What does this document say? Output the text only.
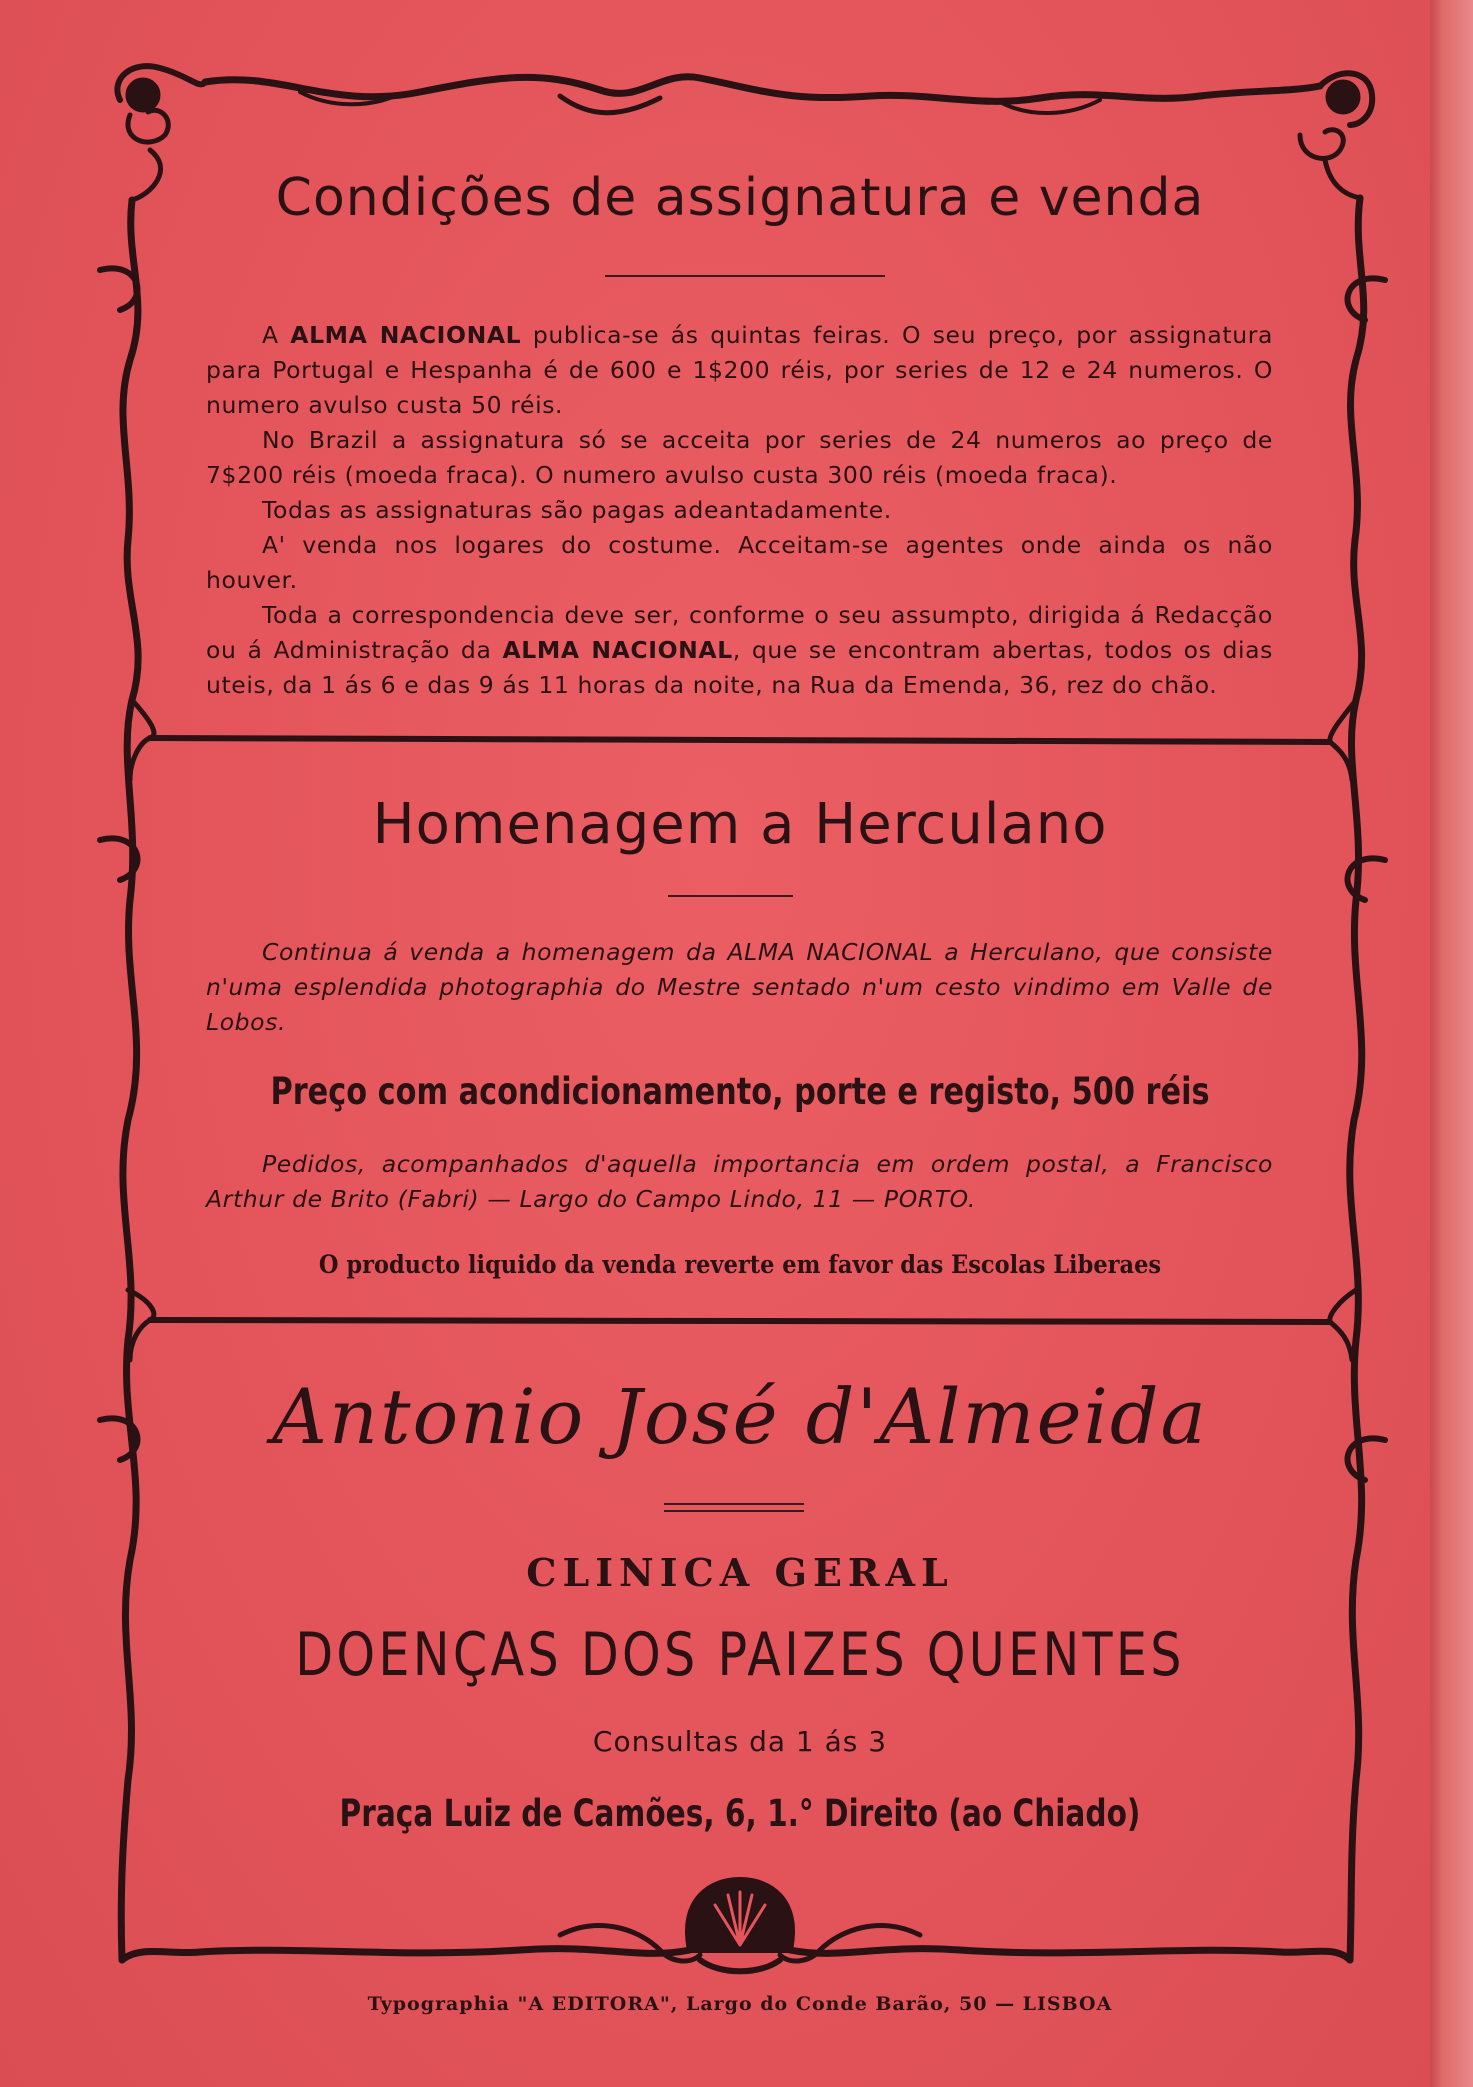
Condições de assignatura e venda

A ALMA NACIONAL publica-se ás quintas feiras. O seu preço, por assignatura para Portugal e Hespanha é de 600 e 1$200 réis, por series de 12 e 24 numeros. O numero avulso custa 50 réis.

No Brazil a assignatura só se acceita por series de 24 numeros ao preço de 7$200 réis (moeda fraca). O numero avulso custa 300 réis (moeda fraca).

Todas as assignaturas são pagas adeantadamente.

A' venda nos logares do costume. Acceitam-se agentes onde ainda os não houver.

Toda a correspondencia deve ser, conforme o seu assumpto, dirigida á Redacção ou á Administração da ALMA NACIONAL, que se encontram abertas, todos os dias uteis, da 1 ás 6 e das 9 ás 11 horas da noite, na Rua da Emenda, 36, rez do chão.

Homenagem a Herculano

Continua á venda a homenagem da ALMA NACIONAL a Herculano, que consiste n'uma esplendida photographia do Mestre sentado n'um cesto vindimo em Valle de Lobos.

Preço com acondicionamento, porte e registo, 500 réis

Pedidos, acompanhados d'aquella importancia em ordem postal, a Francisco Arthur de Brito (Fabri) — Largo do Campo Lindo, 11 — PORTO.

O producto liquido da venda reverte em favor das Escolas Liberaes
Antonio José d'Almeida
CLINICA GERAL
DOENÇAS DOS PAIZES QUENTES
Consultas da 1 ás 3
Praça Luiz de Camões, 6, 1.° Direito (ao Chiado)
Typographia "A EDITORA", Largo do Conde Barão, 50 — LISBOA
